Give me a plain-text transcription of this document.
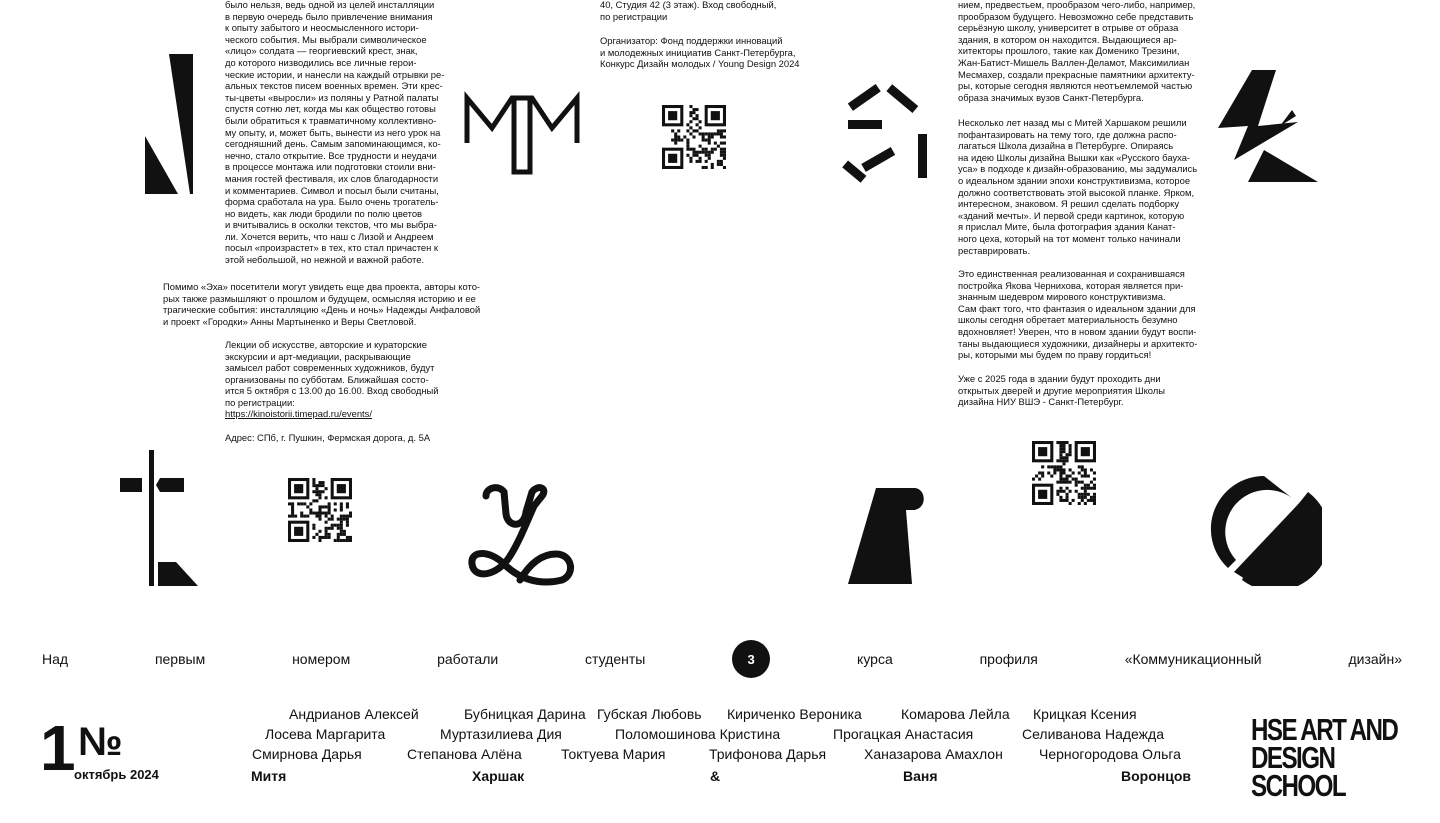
было нельзя, ведь одной из целей инсталляции
в первую очередь было привлечение внимания
к опыту забытого и неосмысленного истори-
ческого события. Мы выбрали символическое
«лицо» солдата — георгиевский крест, знак,
до которого низводились все личные герои-
ческие истории, и нанесли на каждый отрывки ре-
альных текстов писем военных времен. Эти крес-
ты-цветы «выросли» из поляны у Ратной палаты
спустя сотню лет, когда мы как общество готовы
были обратиться к травматичному коллективно-
му опыту, и, может быть, вынести из него урок на
сегодняшний день. Самым запоминающимся, ко-
нечно, стало открытие. Все трудности и неудачи
в процессе монтажа или подготовки стоили вни-
мания гостей фестиваля, их слов благодарности
и комментариев. Символ и посыл были считаны,
форма сработала на ура. Было очень трогатель-
но видеть, как люди бродили по полю цветов
и вчитывались в осколки текстов, что мы выбра-
ли. Хочется верить, что наш с Лизой и Андреем
посыл «произрастет» в тех, кто стал причастен к
этой небольшой, но нежной и важной работе.
Помимо «Эха» посетители могут увидеть еще два проекта, авторы кото-
рых также размышляют о прошлом и будущем, осмысляя историю и ее
трагические события: инсталляцию «День и ночь» Надежды Анфаловой
и проект «Городки» Анны Мартыненко и Веры Светловой.
Лекции об искусстве, авторские и кураторские
экскурсии и арт-медиации, раскрывающие
замысел работ современных художников, будут
организованы по субботам. Ближайшая состо-
ится 5 октября с 13.00 до 16.00. Вход свободный
по регистрации:
https://kinoistorii.timepad.ru/events/
Адрес: СПб, г. Пушкин, Фермская дорога, д. 5А
40, Студия 42 (3 этаж). Вход свободный,
по регистрации
Организатор: Фонд поддержки инноваций
и молодежных инициатив Санкт-Петербурга,
Конкурс Дизайн молодых / Young Design 2024
нием, предвестьем, прообразом чего-либо, например,
прообразом будущего. Невозможно себе представить
серьёзную школу, университет в отрыве от образа
здания, в котором он находится. Выдающиеся ар-
хитекторы прошлого, такие как Доменико Трезини,
Жан-Батист-Мишель Валлен-Деламот, Максимилиан
Месмахер, создали прекрасные памятники архитекту-
ры, которые сегодня являются неотъемлемой частью
образа значимых вузов Санкт-Петербурга.
Несколько лет назад мы с Митей Харшаком решили
пофантазировать на тему того, где должна распо-
лагаться Школа дизайна в Петербурге. Опираясь
на идею Школы дизайна Вышки как «Русского бауха-
уса» в подходе к дизайн-образованию, мы задумались
о идеальном здании эпохи конструктивизма, которое
должно соответствовать этой высокой планке. Ярком,
интересном, знаковом. Я решил сделать подборку
«зданий мечты». И первой среди картинок, которую
я прислал Мите, была фотография здания Канат-
ного цеха, который на тот момент только начинали
реставрировать.
Это единственная реализованная и сохранившаяся
постройка Якова Чернихова, которая является при-
знанным шедевром мирового конструктивизма.
Сам факт того, что фантазия о идеальном здании для
школы сегодня обретает материальность безумно
вдохновляет! Уверен, что в новом здании будут воспи-
таны выдающиеся художники, дизайнеры и архитекто-
ры, которыми мы будем по праву гордиться!
Уже с 2025 года в здании будут проходить дни
открытых дверей и другие мероприятия Школы
дизайна НИУ ВШЭ - Санкт-Петербург.
Над	первым	номером	работали	студенты	3	курса	профиля	«Коммуникационный	дизайн»
Андрианов Алексей	Бубницкая Дарина Губская Любовь Кириченко Вероника	Комарова Лейла Крицкая Ксения
Лосева Маргарита	Муртазилиева Дия	Поломошинова Кристина	Прогацкая Анастасия	Селиванова Надежда
Смирнова Дарья	Степанова Алёна	Токтуева Мария	Трифонова Дарья	Ханазарова Амахлон	Черногородова Ольга
Митя	Харшак	&	Ваня	Воронцов
1 №
октябрь 2024
HSE ART AND
DESIGN SCHOOL
